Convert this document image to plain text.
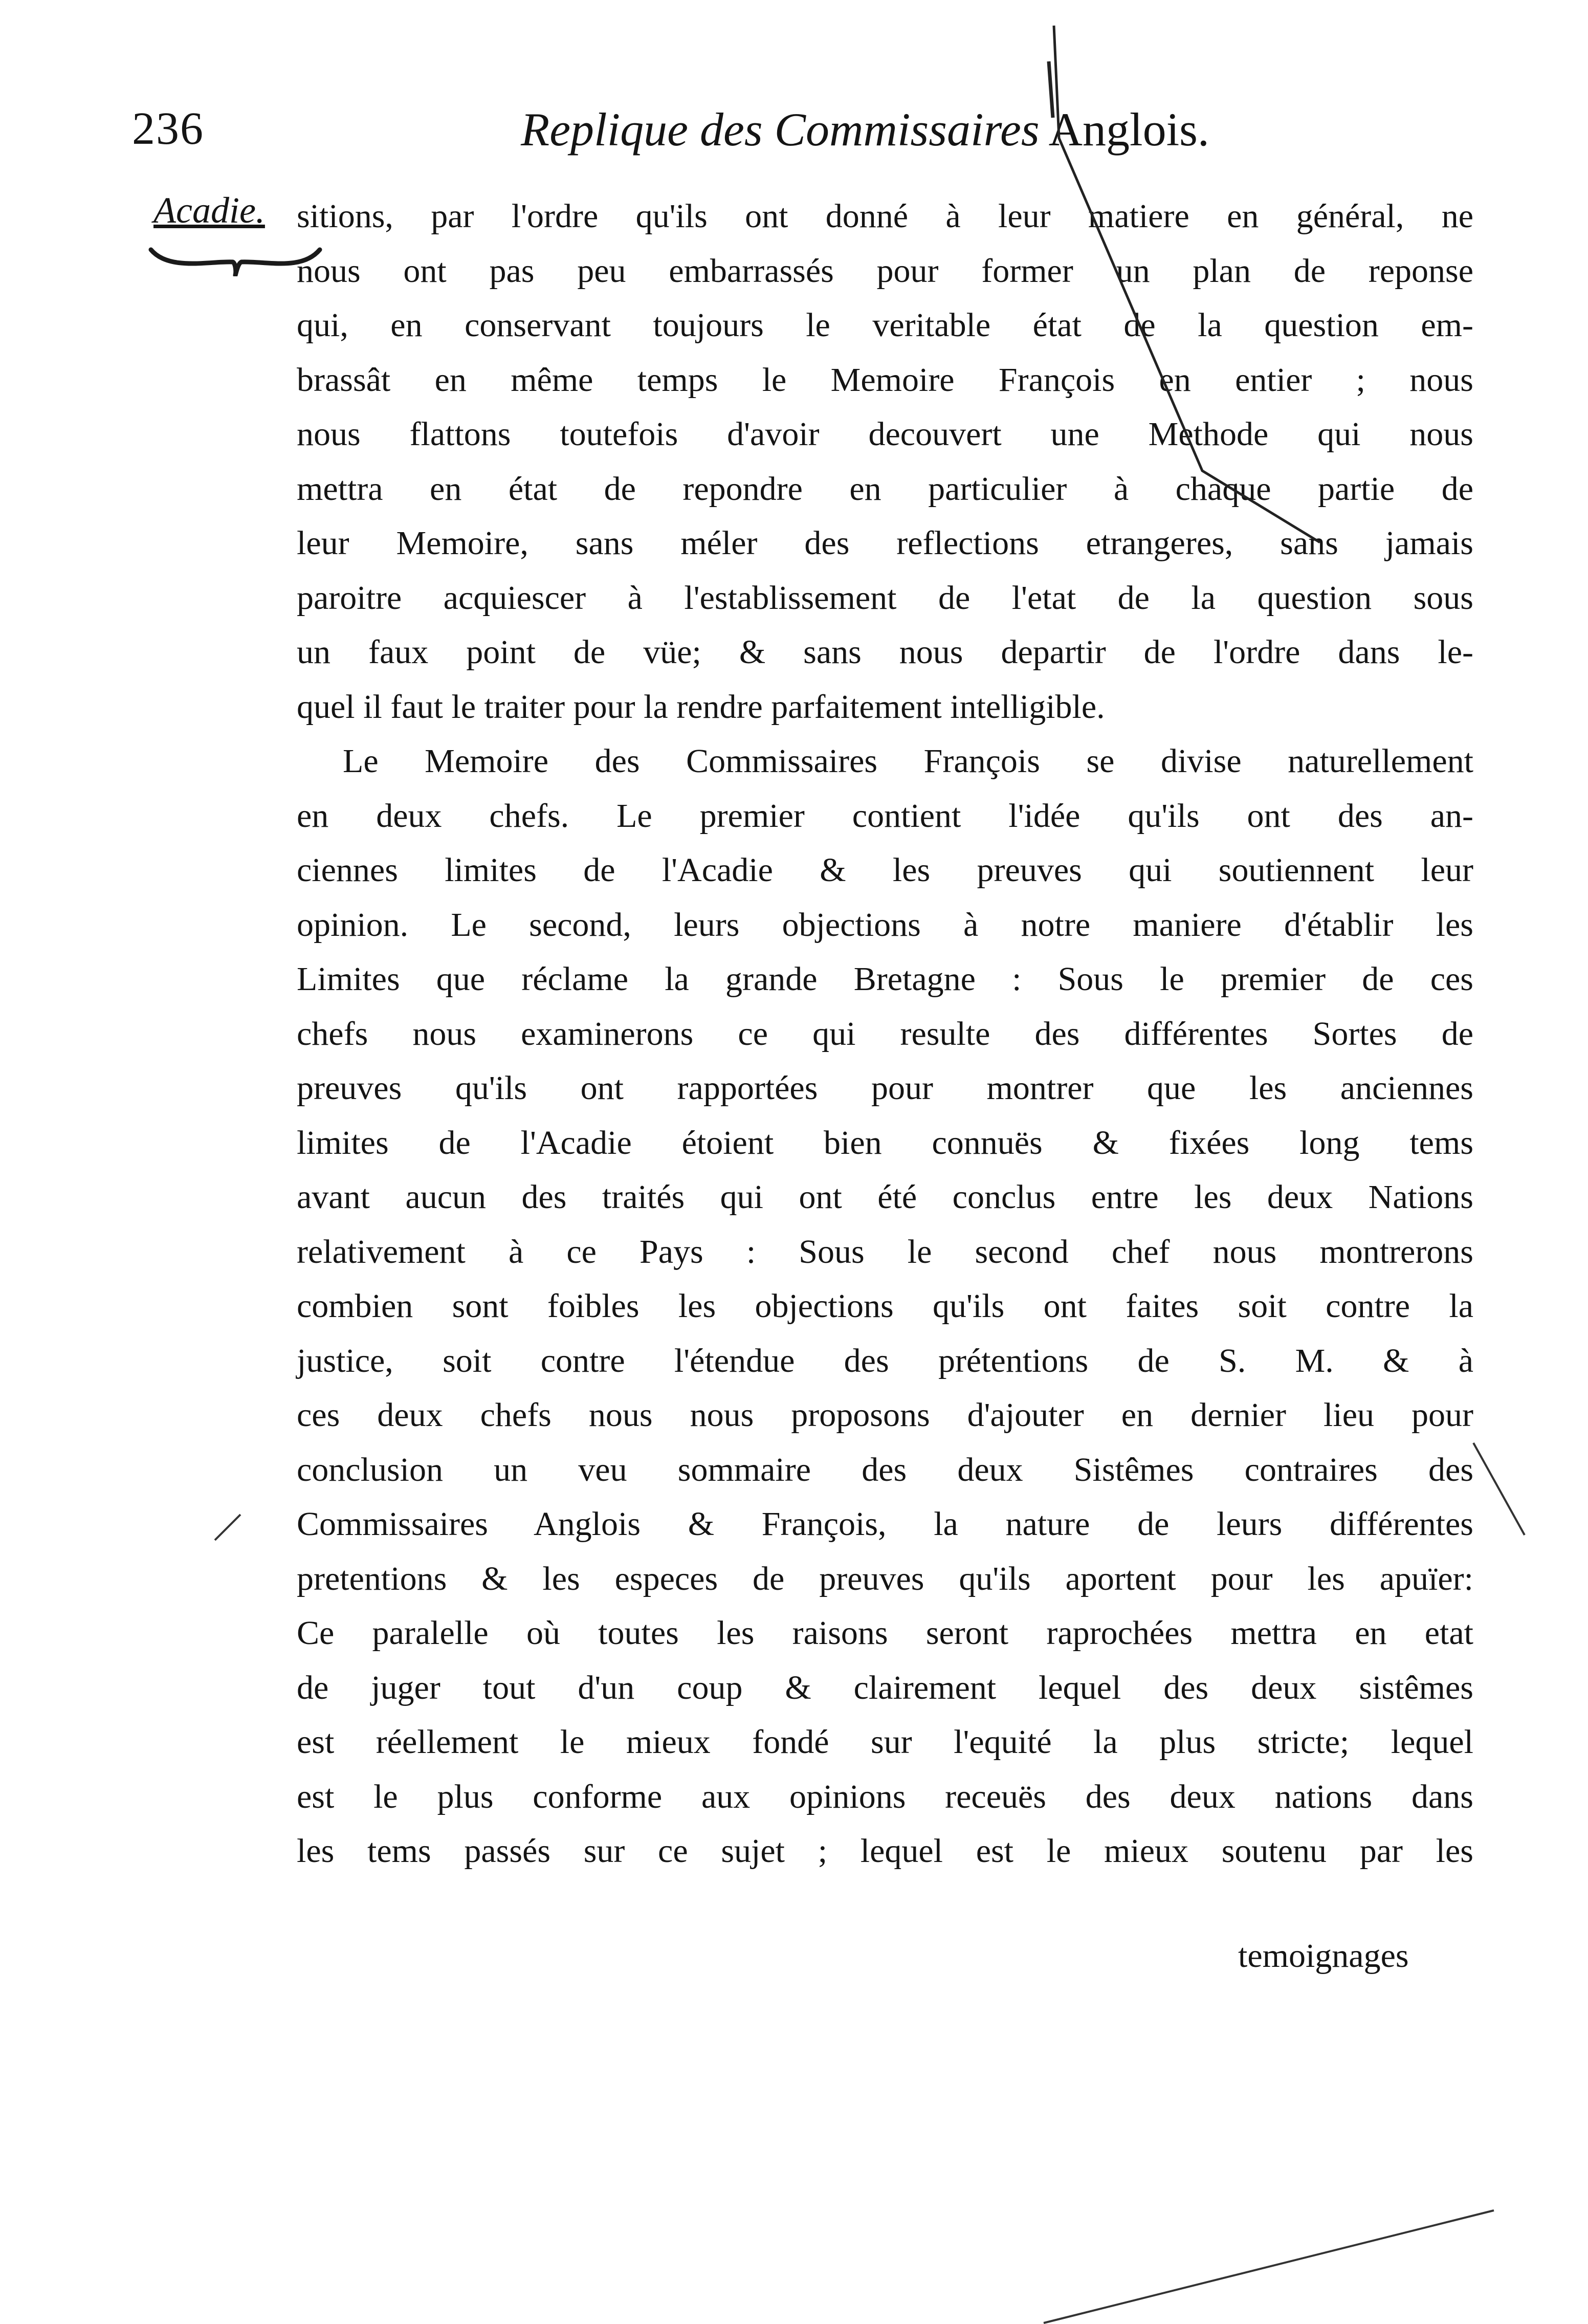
236	Replique des Commissaires Anglois.
Acadie. sitions, par l'ordre qu'ils ont donné à leur matiere en général, ne
nous ont pas peu embarrassés pour former un plan de reponse
qui, en conservant toujours le veritable état de la question em-
brassât en même temps le Memoire François en entier ; nous
nous flattons toutefois d'avoir decouvert une Methode qui nous
mettra en état de repondre en particulier à chaque partie de
leur Memoire, sans méler des reflections etrangeres, sans jamais
paroitre acquiescer à l'establissement de l'etat de la question sous
un faux point de vüe; & sans nous departir de l'ordre dans le-
quel il faut le traiter pour la rendre parfaitement intelligible.
Le Memoire des Commissaires François se divise naturellement
en deux chefs. Le premier contient l'idée qu'ils ont des an-
ciennes limites de l'Acadie & les preuves qui soutiennent leur
opinion. Le second, leurs objections à notre maniere d'établir les
Limites que réclame la grande Bretagne : Sous le premier de ces
chefs nous examinerons ce qui resulte des différentes Sortes de
preuves qu'ils ont rapportées pour montrer que les anciennes
limites de l'Acadie étoient bien connuës & fixées long tems
avant aucun des traités qui ont été conclus entre les deux Nations
relativement à ce Pays : Sous le second chef nous montrerons
combien sont foibles les objections qu'ils ont faites soit contre la
justice, soit contre l'étendue des prétentions de S. M. & à
ces deux chefs nous nous proposons d'ajouter en dernier lieu pour
conclusion un veu sommaire des deux Sistêmes contraires des
Commissaires Anglois & François, la nature de leurs différentes
pretentions & les especes de preuves qu'ils aportent pour les apuïer:
Ce paralelle où toutes les raisons seront raprochées mettra en etat
de juger tout d'un coup & clairement lequel des deux sistêmes
est réellement le mieux fondé sur l'equité la plus stricte; lequel
est le plus conforme aux opinions receuës des deux nations dans
les tems passés sur ce sujet ; lequel est le mieux soutenu par les
temoignages
